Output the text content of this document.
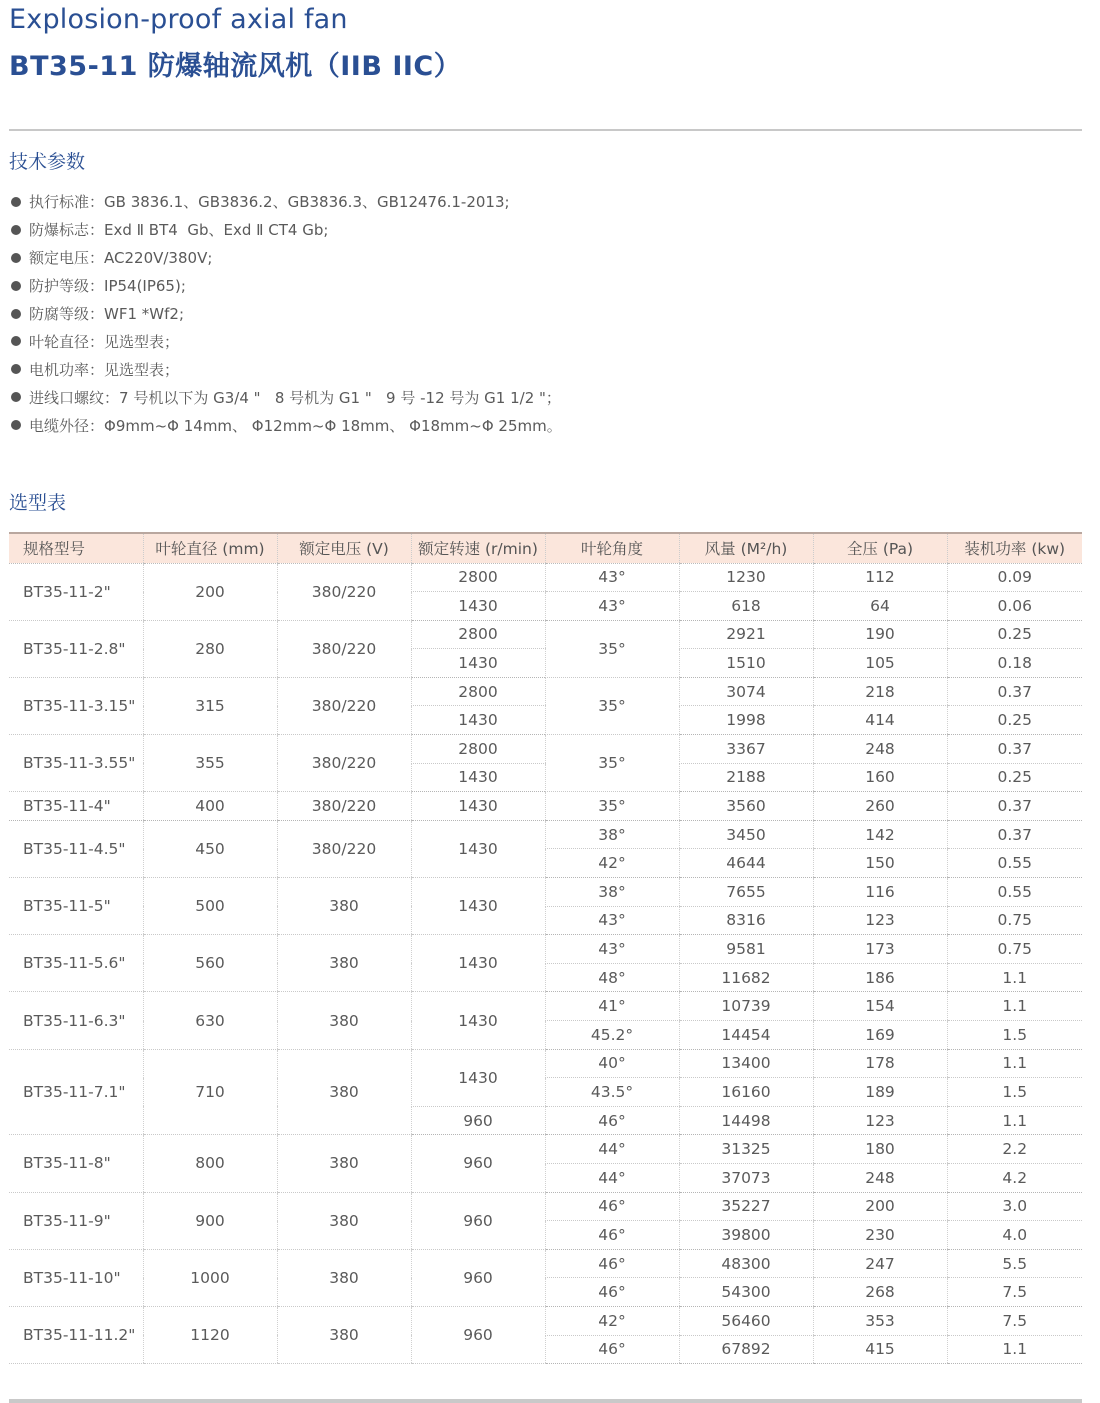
Explosion-proof axial fan
BT35-11 防爆轴流风机（IIB IIC）
技术参数
执行标准： GB 3836.1、GB3836.2、GB3836.3、GB12476.1-2013;
防爆标志： Exd Ⅱ BT4  Gb、Exd Ⅱ CT4 Gb;
额定电压： AC220V/380V;
防护等级： IP54(IP65);
防腐等级： WF1 *Wf2;
叶轮直径： 见选型表；
电机功率： 见选型表；
进线口螺纹： 7 号机以下为 G3/4 "   8 号机为 G1 "   9 号 -12 号为 G1 1/2 "；
电缆外径： Φ9mm~Φ 14mm、 Φ12mm~Φ 18mm、 Φ18mm~Φ 25mm。
选型表
规格型号	叶轮直径 (mm)	额定电压 (V)	额定转速 (r/min)	叶轮角度	风量 (M²/h)	全压 (Pa)	装机功率 (kw)
BT35-11-2"	200	380/220	2800	43°	1230	112	0.09
			1430	43°	618	64	0.06
BT35-11-2.8"	280	380/220	2800	35°	2921	190	0.25
			1430		1510	105	0.18
BT35-11-3.15"	315	380/220	2800	35°	3074	218	0.37
			1430		1998	414	0.25
BT35-11-3.55"	355	380/220	2800	35°	3367	248	0.37
			1430		2188	160	0.25
BT35-11-4"	400	380/220	1430	35°	3560	260	0.37
BT35-11-4.5"	450	380/220	1430	38°	3450	142	0.37
				42°	4644	150	0.55
BT35-11-5"	500	380	1430	38°	7655	116	0.55
				43°	8316	123	0.75
BT35-11-5.6"	560	380	1430	43°	9581	173	0.75
				48°	11682	186	1.1
BT35-11-6.3"	630	380	1430	41°	10739	154	1.1
				45.2°	14454	169	1.5
BT35-11-7.1"	710	380	1430	40°	13400	178	1.1
				43.5°	16160	189	1.5
			960	46°	14498	123	1.1
BT35-11-8"	800	380	960	44°	31325	180	2.2
				44°	37073	248	4.2
BT35-11-9"	900	380	960	46°	35227	200	3.0
				46°	39800	230	4.0
BT35-11-10"	1000	380	960	46°	48300	247	5.5
				46°	54300	268	7.5
BT35-11-11.2"	1120	380	960	42°	56460	353	7.5
				46°	67892	415	1.1
